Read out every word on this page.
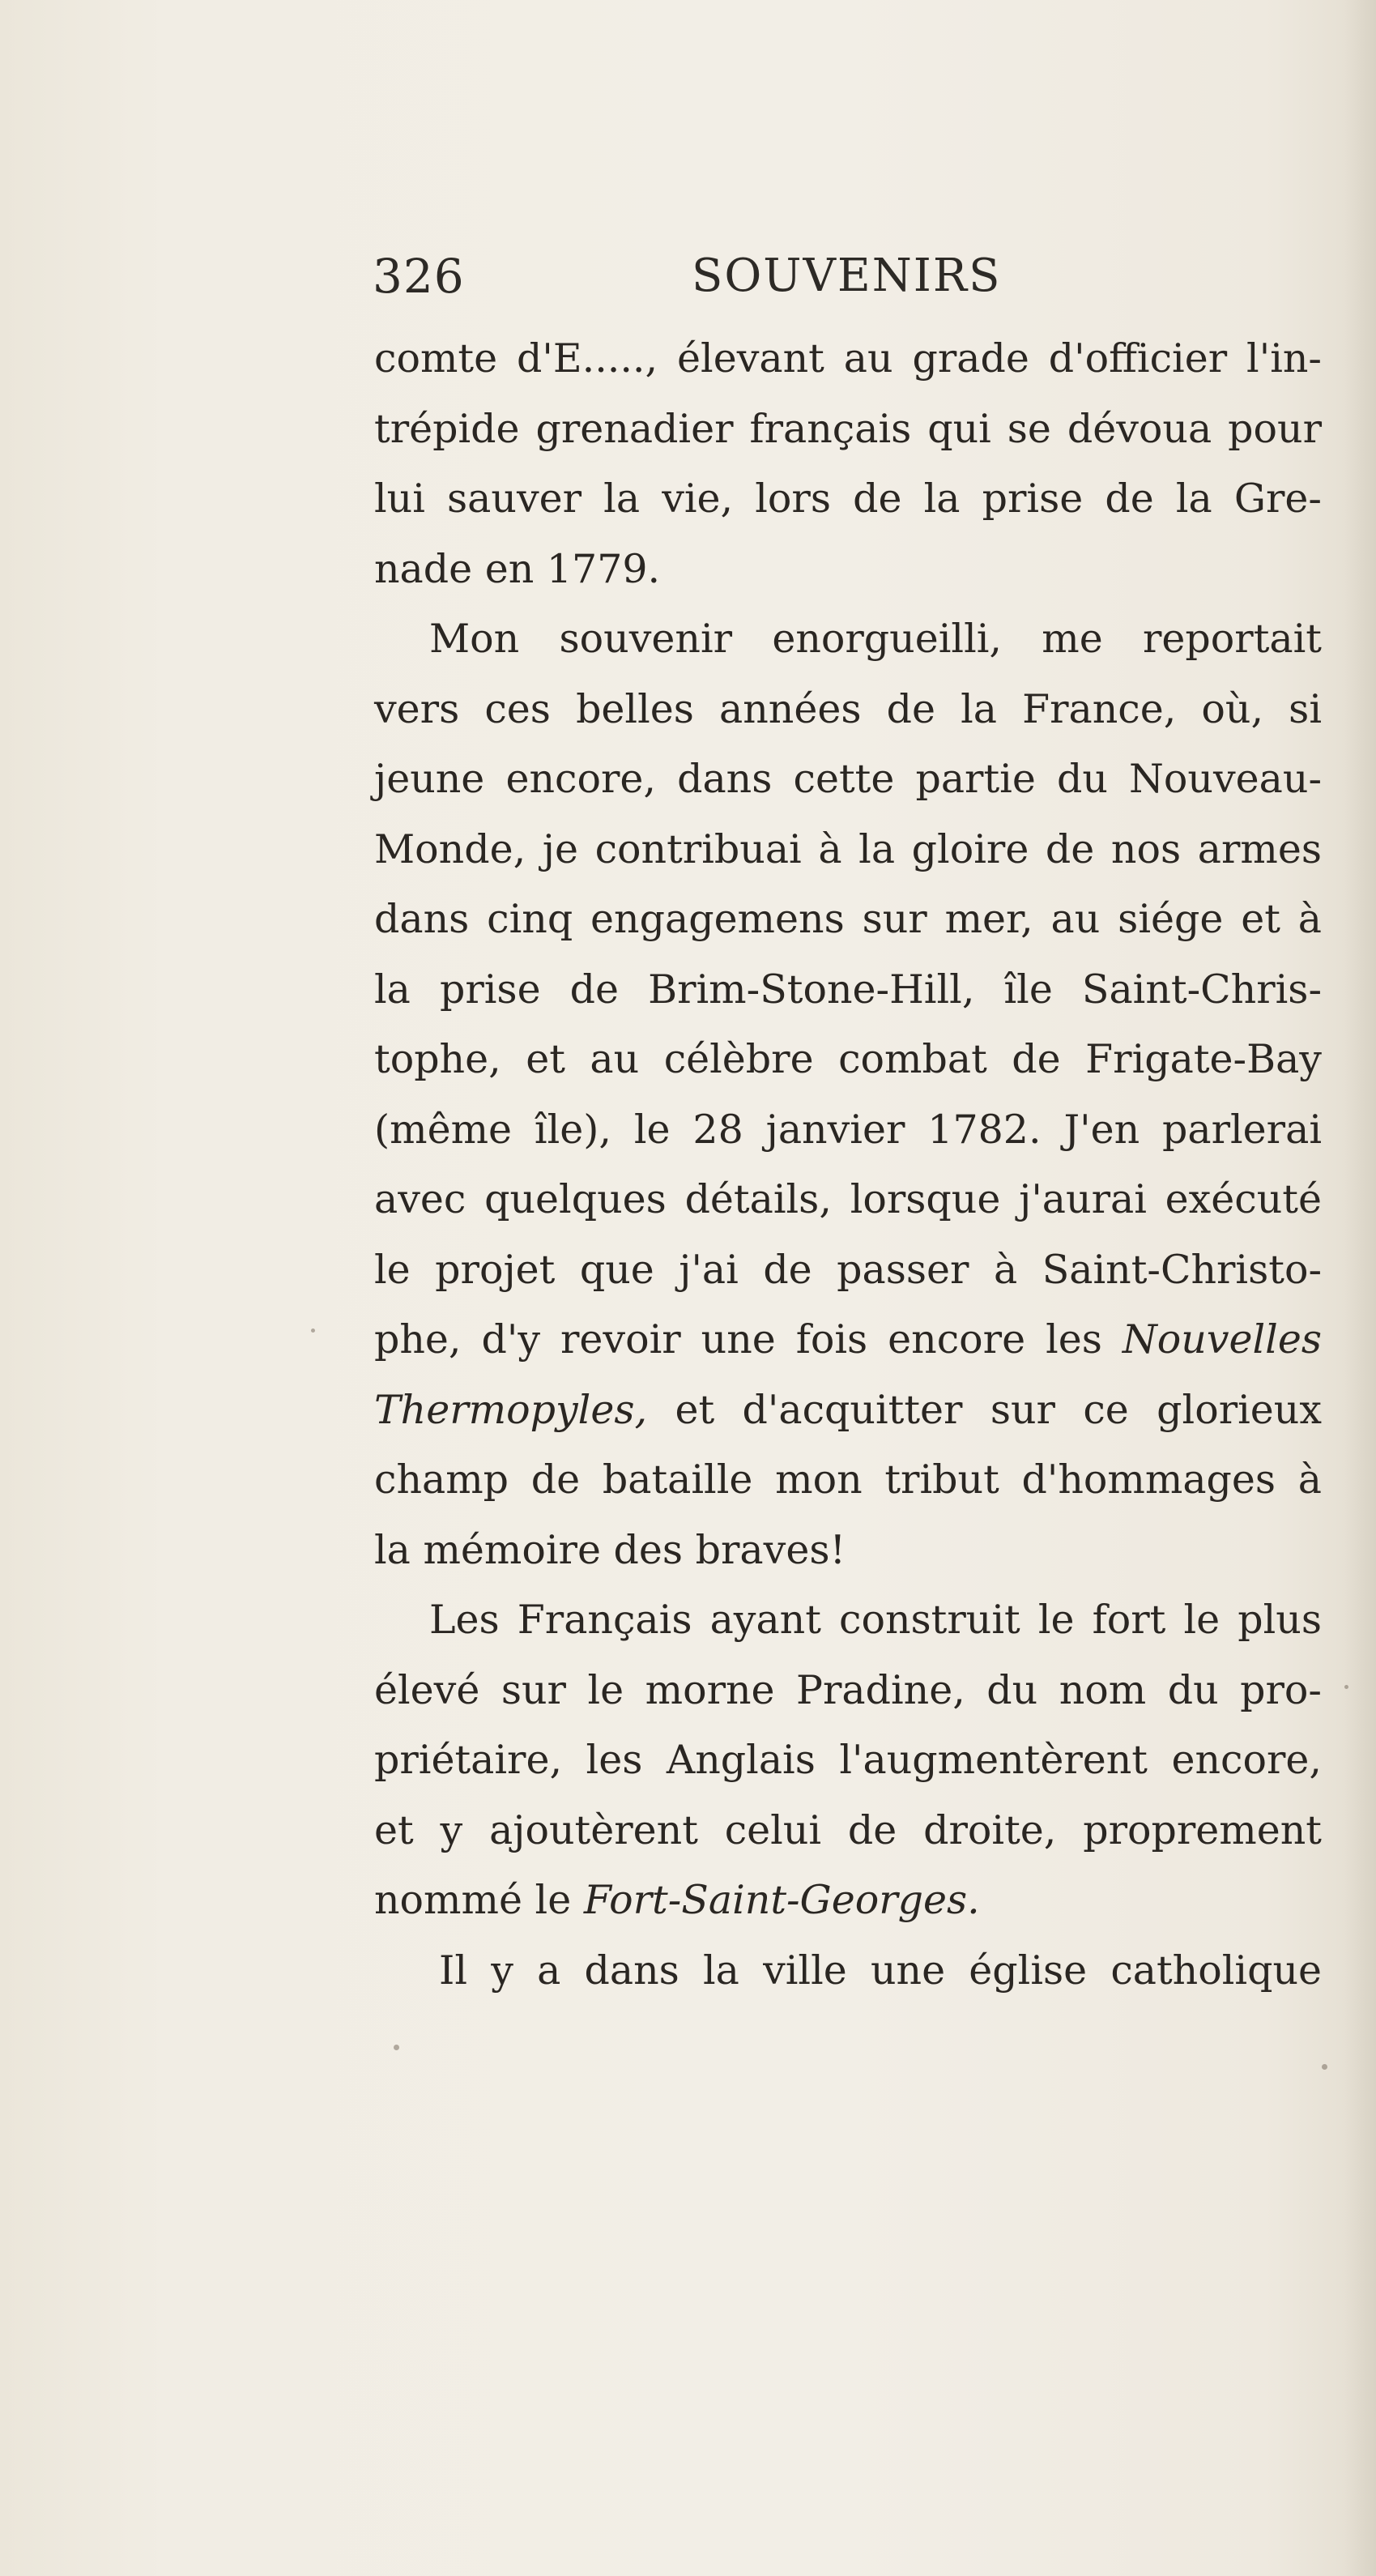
326	SOUVENIRS
comte d'E....., élevant au grade d'officier l'in-
trépide grenadier français qui se dévoua pour
lui sauver la vie, lors de la prise de la Gre-
nade en 1779.
Mon souvenir enorgueilli, me reportait
vers ces belles années de la France, où, si
jeune encore, dans cette partie du Nouveau-
Monde, je contribuai à la gloire de nos armes
dans cinq engagemens sur mer, au siége et à
la prise de Brim-Stone-Hill, île Saint-Chris-
tophe, et au célèbre combat de Frigate-Bay
(même île), le 28 janvier 1782. J'en parlerai
avec quelques détails, lorsque j'aurai exécuté
le projet que j'ai de passer à Saint-Christo-
phe, d'y revoir une fois encore les Nouvelles
Thermopyles, et d'acquitter sur ce glorieux
champ de bataille mon tribut d'hommages à
la mémoire des braves!
Les Français ayant construit le fort le plus
élevé sur le morne Pradine, du nom du pro-
priétaire, les Anglais l'augmentèrent encore,
et y ajoutèrent celui de droite, proprement
nommé le Fort-Saint-Georges.
Il y a dans la ville une église catholique
